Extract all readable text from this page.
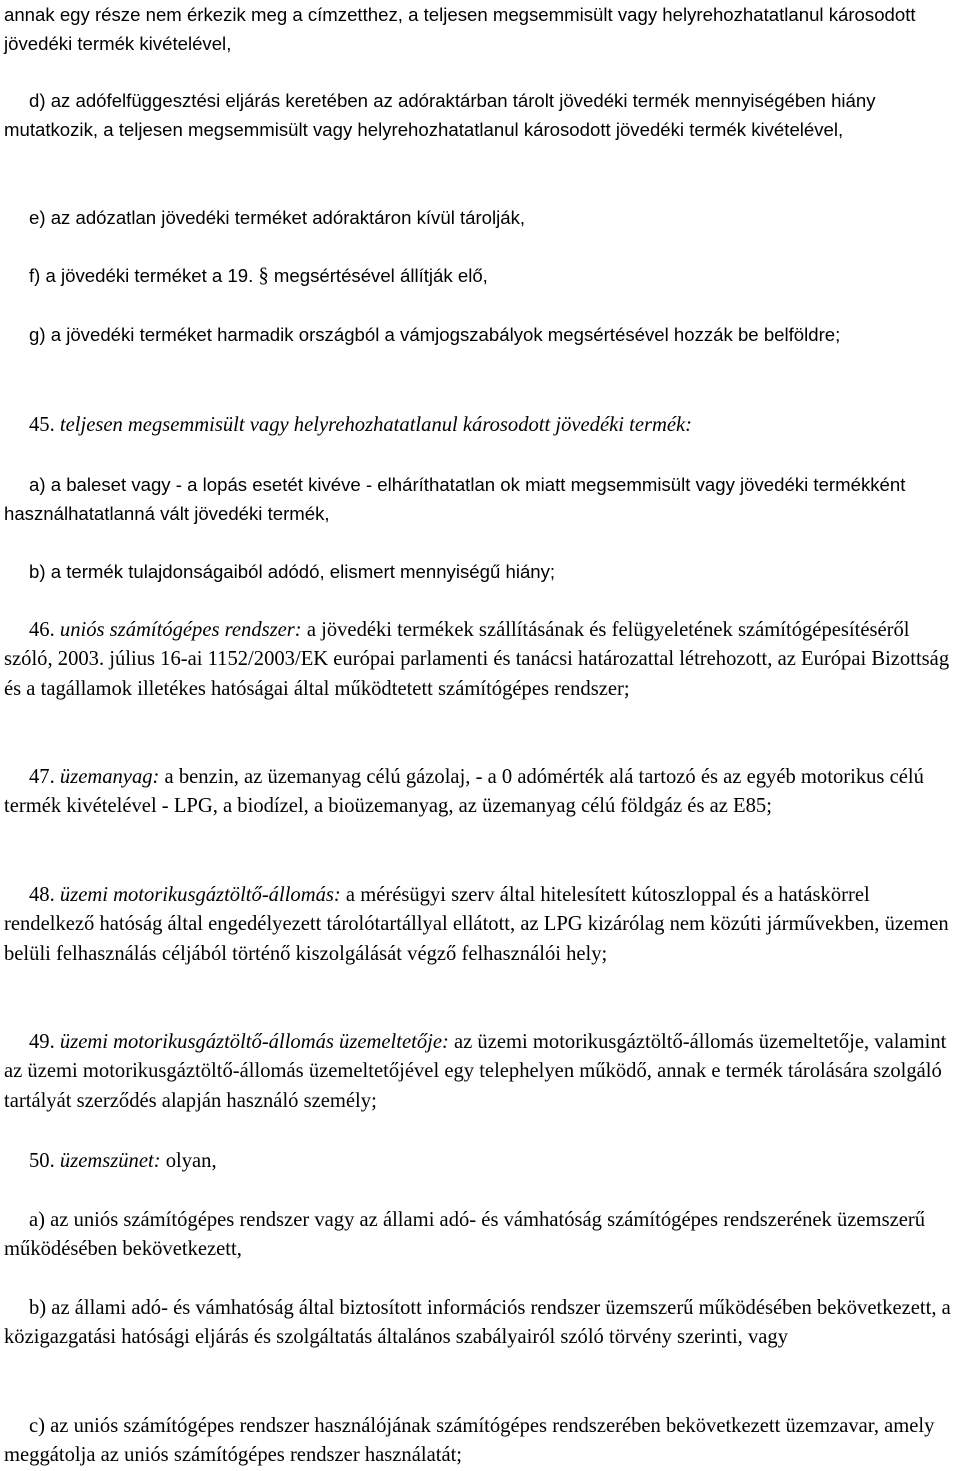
annak egy része nem érkezik meg a címzetthez, a teljesen megsemmisült vagy helyrehozhatatlanul károsodott jövedéki termék kivételével,

d) az adófelfüggesztési eljárás keretében az adóraktárban tárolt jövedéki termék mennyiségében hiány mutatkozik, a teljesen megsemmisült vagy helyrehozhatatlanul károsodott jövedéki termék kivételével,

e) az adózatlan jövedéki terméket adóraktáron kívül tárolják,

f) a jövedéki terméket a 19. § megsértésével állítják elő,

g) a jövedéki terméket harmadik országból a vámjogszabályok megsértésével hozzák be belföldre;

45. teljesen megsemmisült vagy helyrehozhatatlanul károsodott jövedéki termék:

a) a baleset vagy - a lopás esetét kivéve - elháríthatatlan ok miatt megsemmisült vagy jövedéki termékként használhatatlanná vált jövedéki termék,

b) a termék tulajdonságaiból adódó, elismert mennyiségű hiány;

46. uniós számítógépes rendszer: a jövedéki termékek szállításának és felügyeletének számítógépesítéséről szóló, 2003. július 16-ai 1152/2003/EK európai parlamenti és tanácsi határozattal létrehozott, az Európai Bizottság és a tagállamok illetékes hatóságai által működtetett számítógépes rendszer;

47. üzemanyag: a benzin, az üzemanyag célú gázolaj, - a 0 adómérték alá tartozó és az egyéb motorikus célú termék kivételével - LPG, a biodízel, a bioüzemanyag, az üzemanyag célú földgáz és az E85;

48. üzemi motorikusgáztöltő-állomás: a mérésügyi szerv által hitelesített kútoszloppal és a hatáskörrel rendelkező hatóság által engedélyezett tárolótartállyal ellátott, az LPG kizárólag nem közúti járművekben, üzemen belüli felhasználás céljából történő kiszolgálását végző felhasználói hely;

49. üzemi motorikusgáztöltő-állomás üzemeltetője: az üzemi motorikusgáztöltő-állomás üzemeltetője, valamint az üzemi motorikusgáztöltő-állomás üzemeltetőjével egy telephelyen működő, annak e termék tárolására szolgáló tartályát szerződés alapján használó személy;

50. üzemszünet: olyan,

a) az uniós számítógépes rendszer vagy az állami adó- és vámhatóság számítógépes rendszerének üzemszerű működésében bekövetkezett,

b) az állami adó- és vámhatóság által biztosított információs rendszer üzemszerű működésében bekövetkezett, a közigazgatási hatósági eljárás és szolgáltatás általános szabályairól szóló törvény szerinti, vagy

c) az uniós számítógépes rendszer használójának számítógépes rendszerében bekövetkezett üzemzavar, amely meggátolja az uniós számítógépes rendszer használatát;
